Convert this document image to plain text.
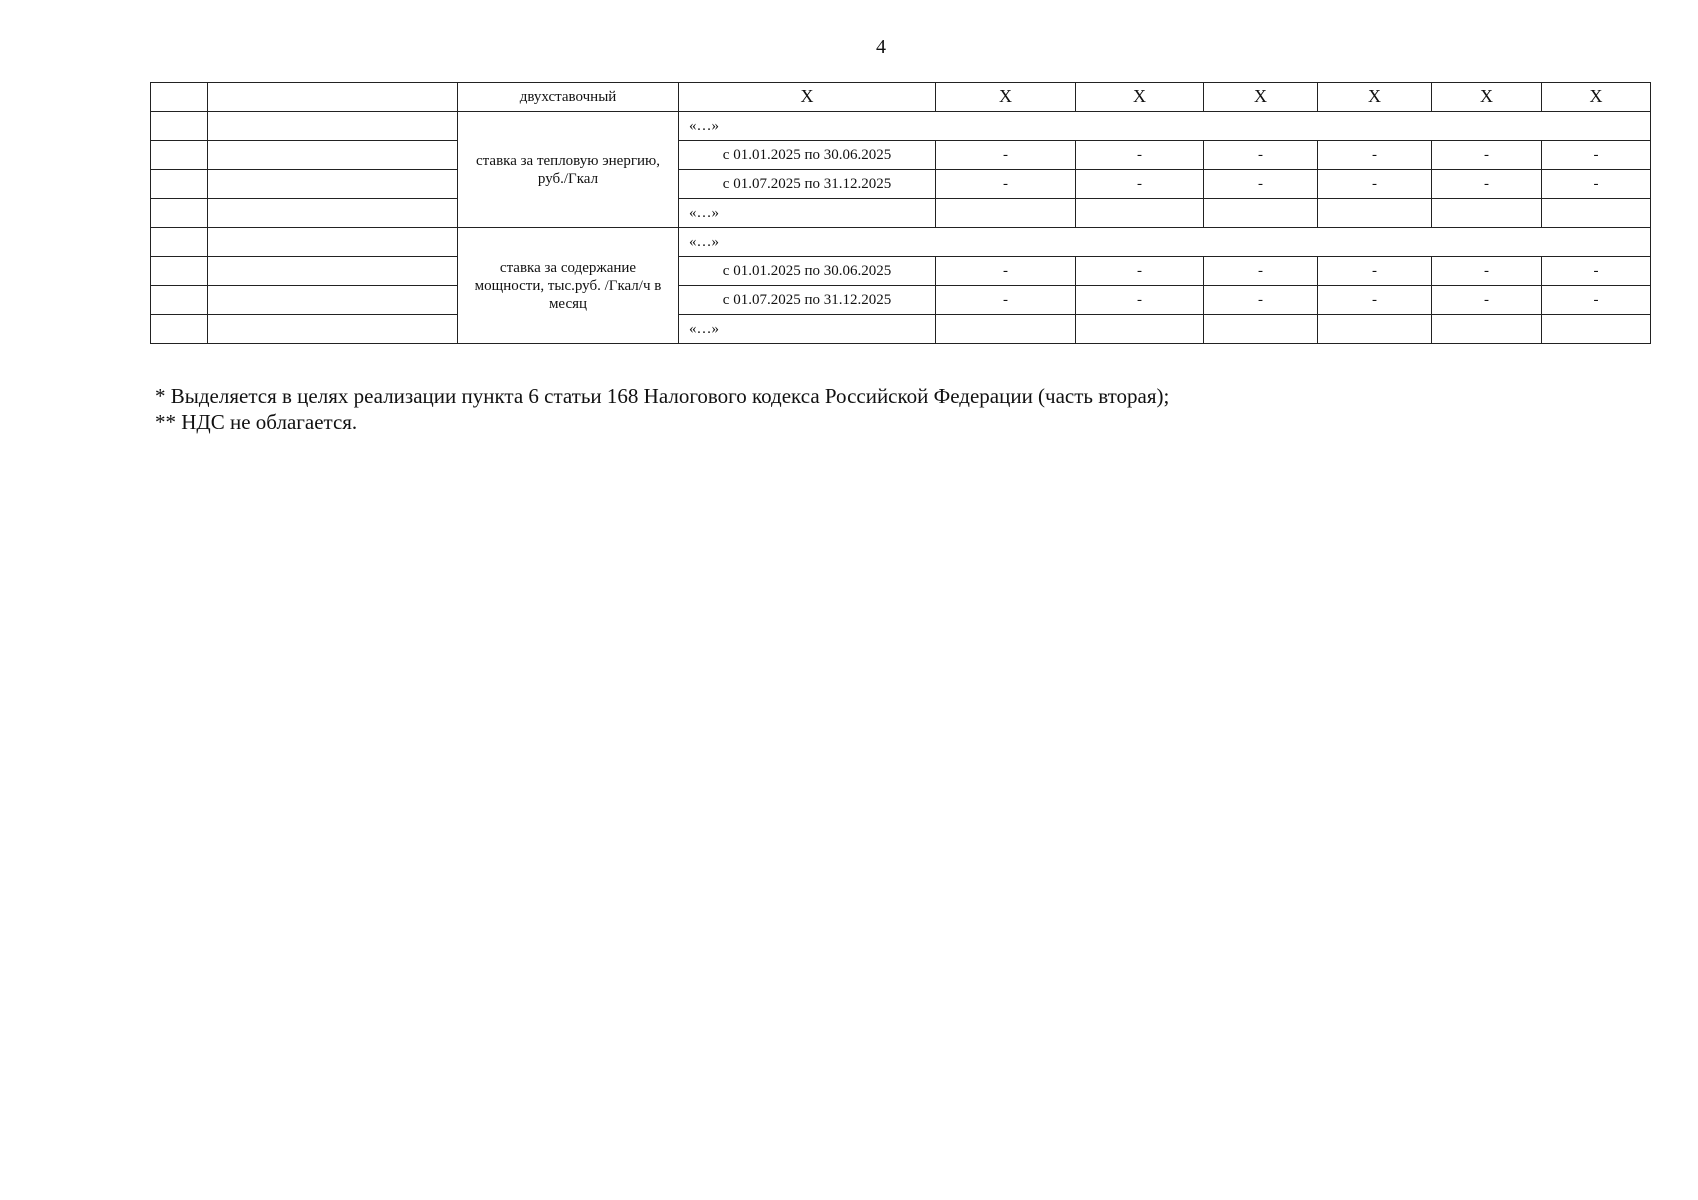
4
		двухставочный	X	X	X	X	X	X	X
		ставка за тепловую энергию, руб./Гкал	«…»						
			с 01.01.2025 по 30.06.2025	-	-	-	-	-	-
			с 01.07.2025 по 31.12.2025	-	-	-	-	-	-
			«…»						
		ставка за содержание мощности, тыс.руб. /Гкал/ч в месяц	«…»						
			с 01.01.2025 по 30.06.2025	-	-	-	-	-	-
			с 01.07.2025 по 31.12.2025	-	-	-	-	-	-
			«…»						
* Выделяется в целях реализации пункта 6 статьи 168 Налогового кодекса Российской Федерации (часть вторая);
** НДС не облагается.
